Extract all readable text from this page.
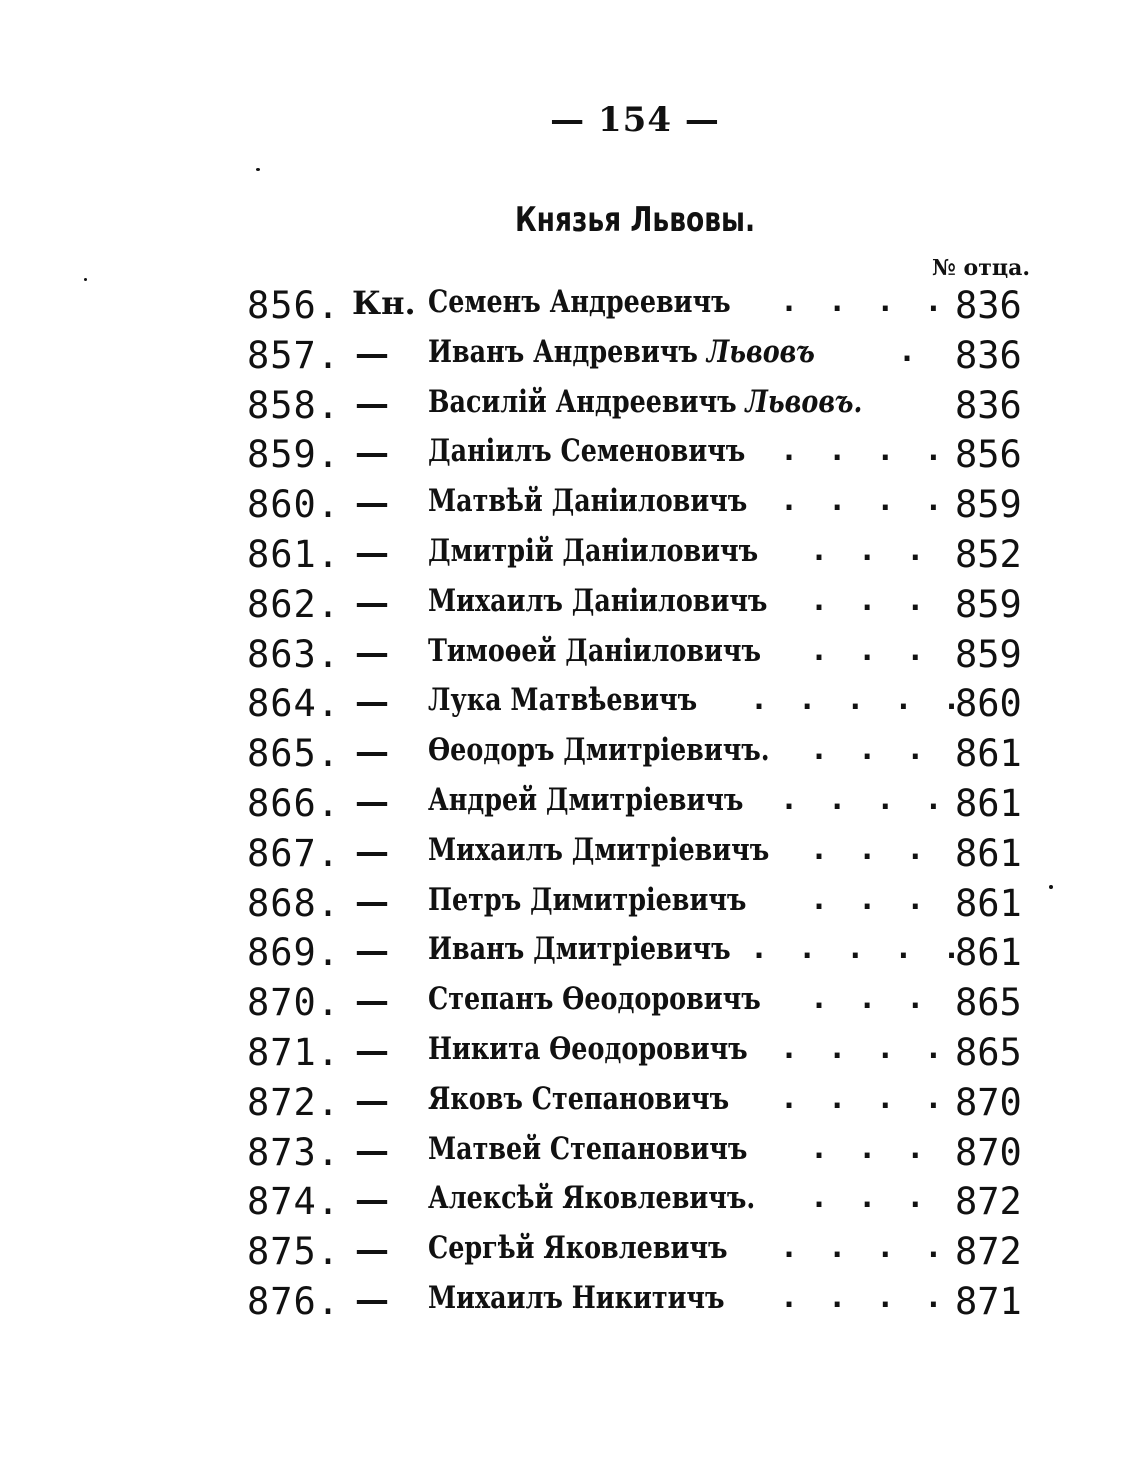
— 154 —
Князья Львовы.
№ отца.
856. Кн. Семенъ Андреевичъ . . . . 836
857. — Иванъ Андревичъ Львовъ	. 836
858. — Василій Андреевичъ Львовъ.	836
859. — Даніилъ Семеновичъ . . . . 856
860. — Матвѣй Даніиловичъ . . . . 859
861. — Дмитрій Даніиловичъ . . . 852
862. — Михаилъ Даніиловичъ . . . 859
863. — Тимоѳей Даніиловичъ . . . 859
864. — Лука Матвѣевичъ . . . . .
860
865. — Ѳеодоръ Дмитріевичъ. . . . 861
866. — Андрей Дмитріевичъ . . . . 861
867. — Михаилъ Дмитріевичъ . . . 861
868. — Петръ Димитріевичъ . . . 861
869. — Иванъ Дмитріевичъ . . . . .
861
870. — Степанъ Ѳеодоровичъ . . . 865
871. — Никита Ѳеодоровичъ . . . . 865
872. — Яковъ Степановичъ . . . . 870
873. — Матвей Степановичъ . . . 870
874. — Алексѣй Яковлевичъ. . . . 872
875. — Сергѣй Яковлевичъ . . . . 872
876. — Михаилъ Никитичъ . . . . 871
